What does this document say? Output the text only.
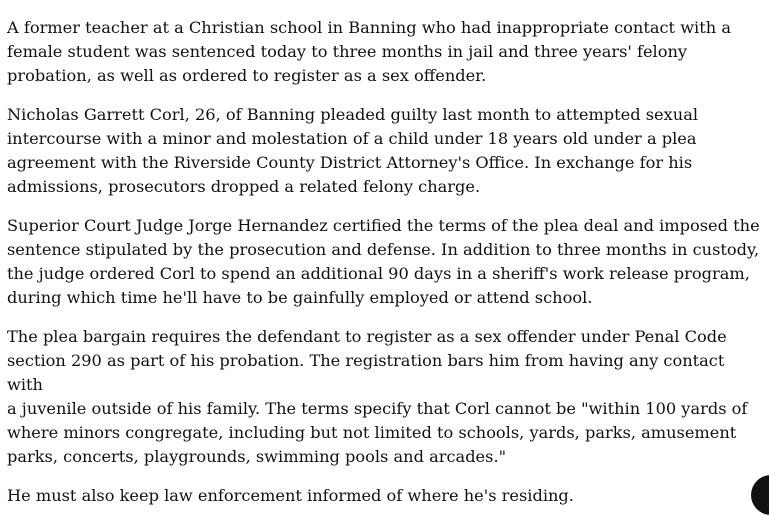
A former teacher at a Christian school in Banning who had inappropriate contact with a
female student was sentenced today to three months in jail and three years' felony
probation, as well as ordered to register as a sex offender.

Nicholas Garrett Corl, 26, of Banning pleaded guilty last month to attempted sexual
intercourse with a minor and molestation of a child under 18 years old under a plea
agreement with the Riverside County District Attorney's Office. In exchange for his
admissions, prosecutors dropped a related felony charge.

Superior Court Judge Jorge Hernandez certified the terms of the plea deal and imposed the
sentence stipulated by the prosecution and defense. In addition to three months in custody,
the judge ordered Corl to spend an additional 90 days in a sheriff's work release program,
during which time he'll have to be gainfully employed or attend school.

The plea bargain requires the defendant to register as a sex offender under Penal Code
section 290 as part of his probation. The registration bars him from having any contact with
a juvenile outside of his family. The terms specify that Corl cannot be "within 100 yards of
where minors congregate, including but not limited to schools, yards, parks, amusement
parks, concerts, playgrounds, swimming pools and arcades."

He must also keep law enforcement informed of where he's residing.
